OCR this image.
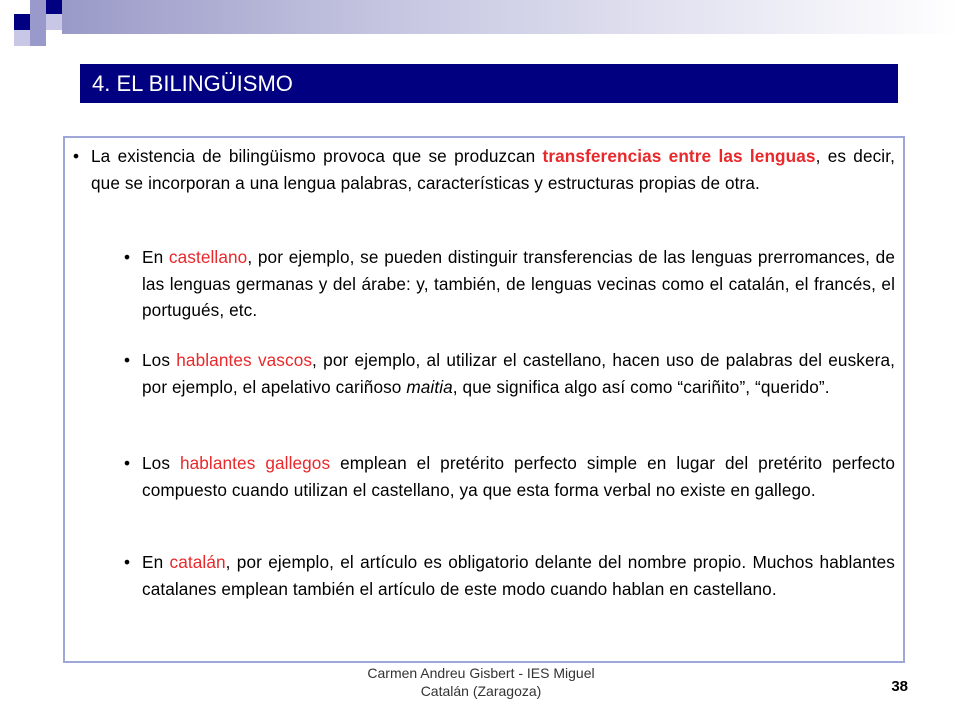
4. EL BILINGÜISMO
• La existencia de bilingüismo provoca que se produzcan transferencias entre las lenguas, es decir, que se incorporan a una lengua palabras, características y estructuras propias de otra.
• En castellano, por ejemplo, se pueden distinguir transferencias de las lenguas prerromances, de las lenguas germanas y del árabe: y, también, de lenguas vecinas como el catalán, el francés, el portugués, etc.
• Los hablantes vascos, por ejemplo, al utilizar el castellano, hacen uso de palabras del euskera, por ejemplo, el apelativo cariñoso maitia, que significa algo así como “cariñito”, “querido”.
• Los hablantes gallegos emplean el pretérito perfecto simple en lugar del pretérito perfecto compuesto cuando utilizan el castellano, ya que esta forma verbal no existe en gallego.
• En catalán, por ejemplo, el artículo es obligatorio delante del nombre propio. Muchos hablantes catalanes emplean también el artículo de este modo cuando hablan en castellano.
Carmen Andreu Gisbert - IES Miguel
Catalán (Zaragoza)	38
